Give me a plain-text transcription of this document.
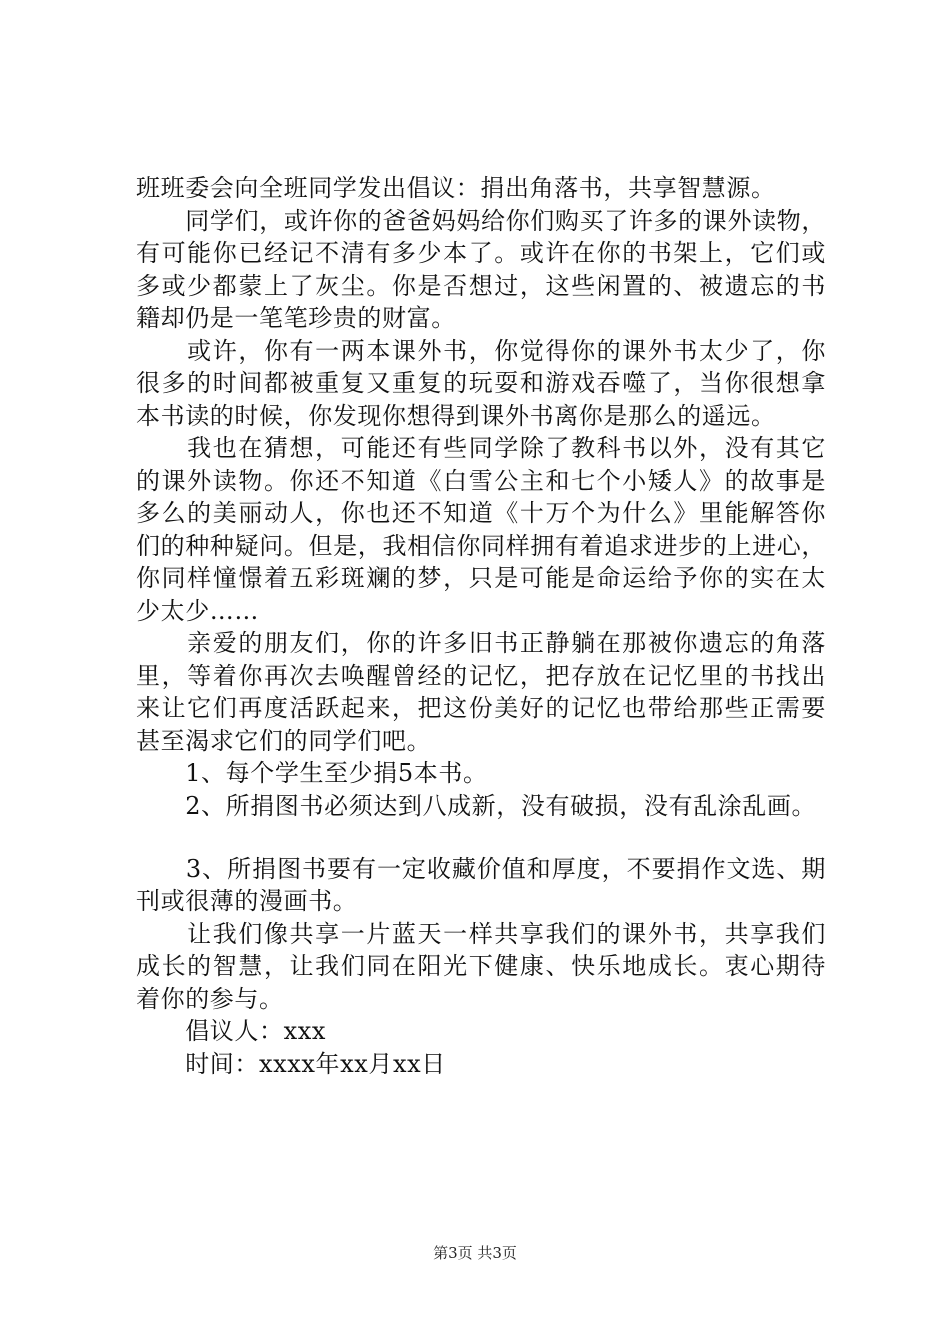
班班委会向全班同学发出倡议：捐出角落书，共享智慧源。
　　同学们，或许你的爸爸妈妈给你们购买了许多的课外读物，
有可能你已经记不清有多少本了。或许在你的书架上，它们或
多或少都蒙上了灰尘。你是否想过，这些闲置的、被遗忘的书
籍却仍是一笔笔珍贵的财富。
　　或许，你有一两本课外书，你觉得你的课外书太少了，你
很多的时间都被重复又重复的玩耍和游戏吞噬了，当你很想拿
本书读的时候，你发现你想得到课外书离你是那么的遥远。
　　我也在猜想，可能还有些同学除了教科书以外，没有其它
的课外读物。你还不知道《白雪公主和七个小矮人》的故事是
多么的美丽动人，你也还不知道《十万个为什么》里能解答你
们的种种疑问。但是，我相信你同样拥有着追求进步的上进心，
你同样憧憬着五彩斑斓的梦，只是可能是命运给予你的实在太
少太少……
　　亲爱的朋友们，你的许多旧书正静躺在那被你遗忘的角落
里，等着你再次去唤醒曾经的记忆，把存放在记忆里的书找出
来让它们再度活跃起来，把这份美好的记忆也带给那些正需要
甚至渴求它们的同学们吧。
　　1、每个学生至少捐5本书。
　　2、所捐图书必须达到八成新，没有破损，没有乱涂乱画。
　　3、所捐图书要有一定收藏价值和厚度，不要捐作文选、期
刊或很薄的漫画书。
　　让我们像共享一片蓝天一样共享我们的课外书，共享我们
成长的智慧，让我们同在阳光下健康、快乐地成长。衷心期待
着你的参与。
　　倡议人：xxx
　　时间：xxxx年xx月xx日
第3页 共3页
